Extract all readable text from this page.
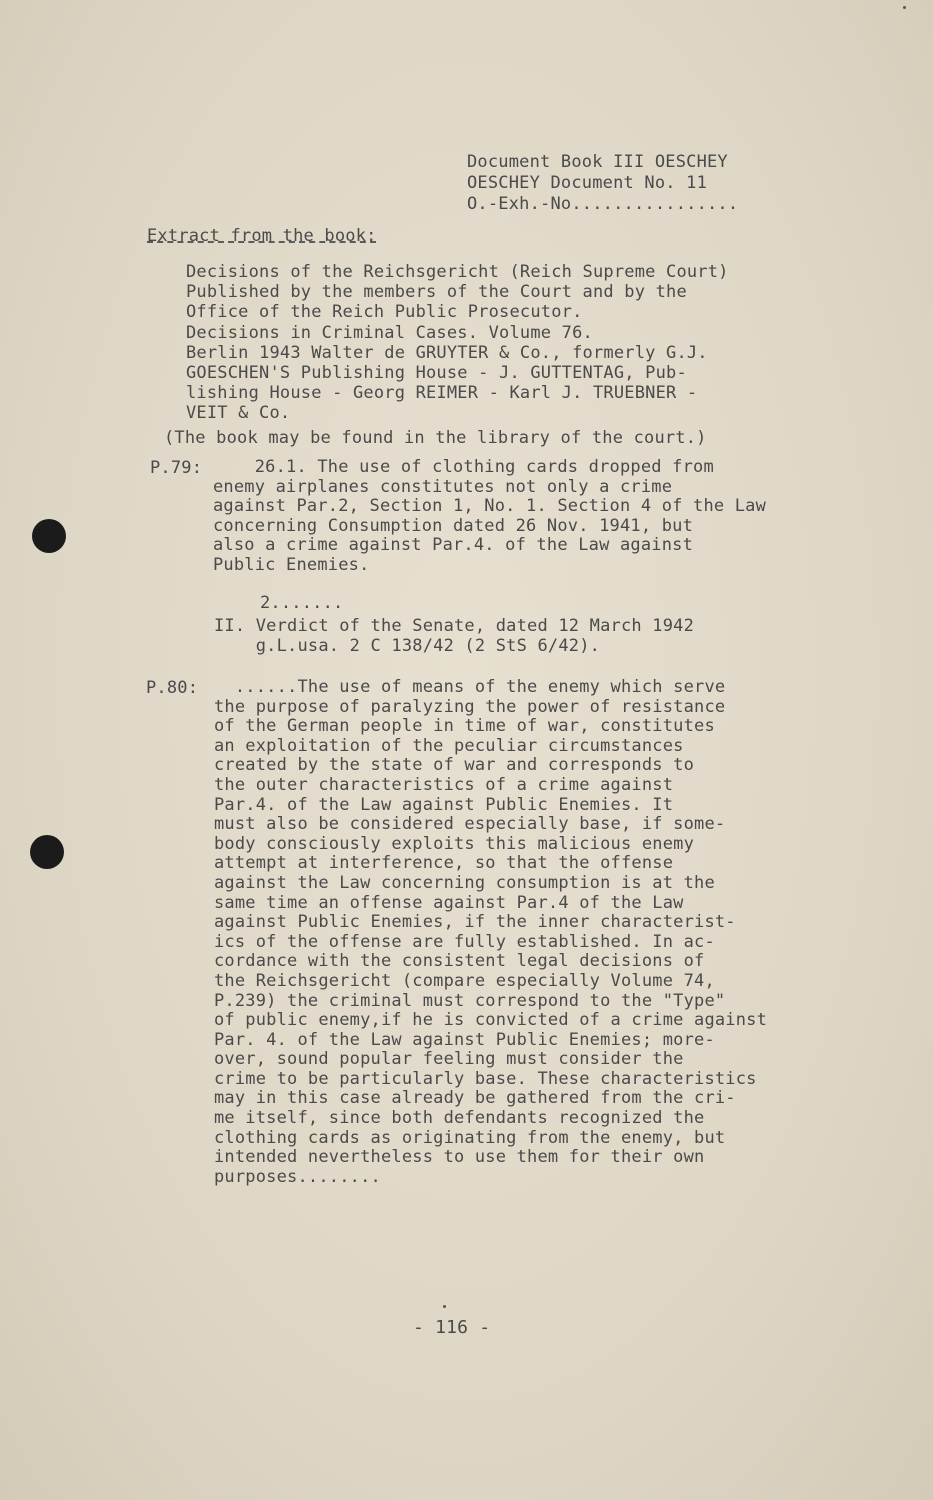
Document Book III OESCHEY
OESCHEY Document No. 11
O.-Exh.-No................
Extract from the book:
Decisions of the Reichsgericht (Reich Supreme Court)
Published by the members of the Court and by the
Office of the Reich Public Prosecutor.
Decisions in Criminal Cases. Volume 76.
Berlin 1943 Walter de GRUYTER & Co., formerly G.J.
GOESCHEN'S Publishing House - J. GUTTENTAG, Pub-
lishing House - Georg REIMER - Karl J. TRUEBNER -
VEIT & Co.
(The book may be found in the library of the court.)
P.79: 26.1. The use of clothing cards dropped from
enemy airplanes constitutes not only a crime
against Par.2, Section 1, No. 1. Section 4 of the Law
concerning Consumption dated 26 Nov. 1941, but
also a crime against Par.4. of the Law against
Public Enemies.
2.......
II. Verdict of the Senate, dated 12 March 1942
g.L.usa. 2 C 138/42 (2 StS 6/42).
P.80: ......The use of means of the enemy which serve
the purpose of paralyzing the power of resistance
of the German people in time of war, constitutes
an exploitation of the peculiar circumstances
created by the state of war and corresponds to
the outer characteristics of a crime against
Par.4. of the Law against Public Enemies. It
must also be considered especially base, if some-
body consciously exploits this malicious enemy
attempt at interference, so that the offense
against the Law concerning consumption is at the
same time an offense against Par.4 of the Law
against Public Enemies, if the inner characterist-
ics of the offense are fully established. In ac-
cordance with the consistent legal decisions of
the Reichsgericht (compare especially Volume 74,
P.239) the criminal must correspond to the "Type"
of public enemy,if he is convicted of a crime against
Par. 4. of the Law against Public Enemies; more-
over, sound popular feeling must consider the
crime to be particularly base. These characteristics
may in this case already be gathered from the cri-
me itself, since both defendants recognized the
clothing cards as originating from the enemy, but
intended nevertheless to use them for their own
purposes........
- 116 -
